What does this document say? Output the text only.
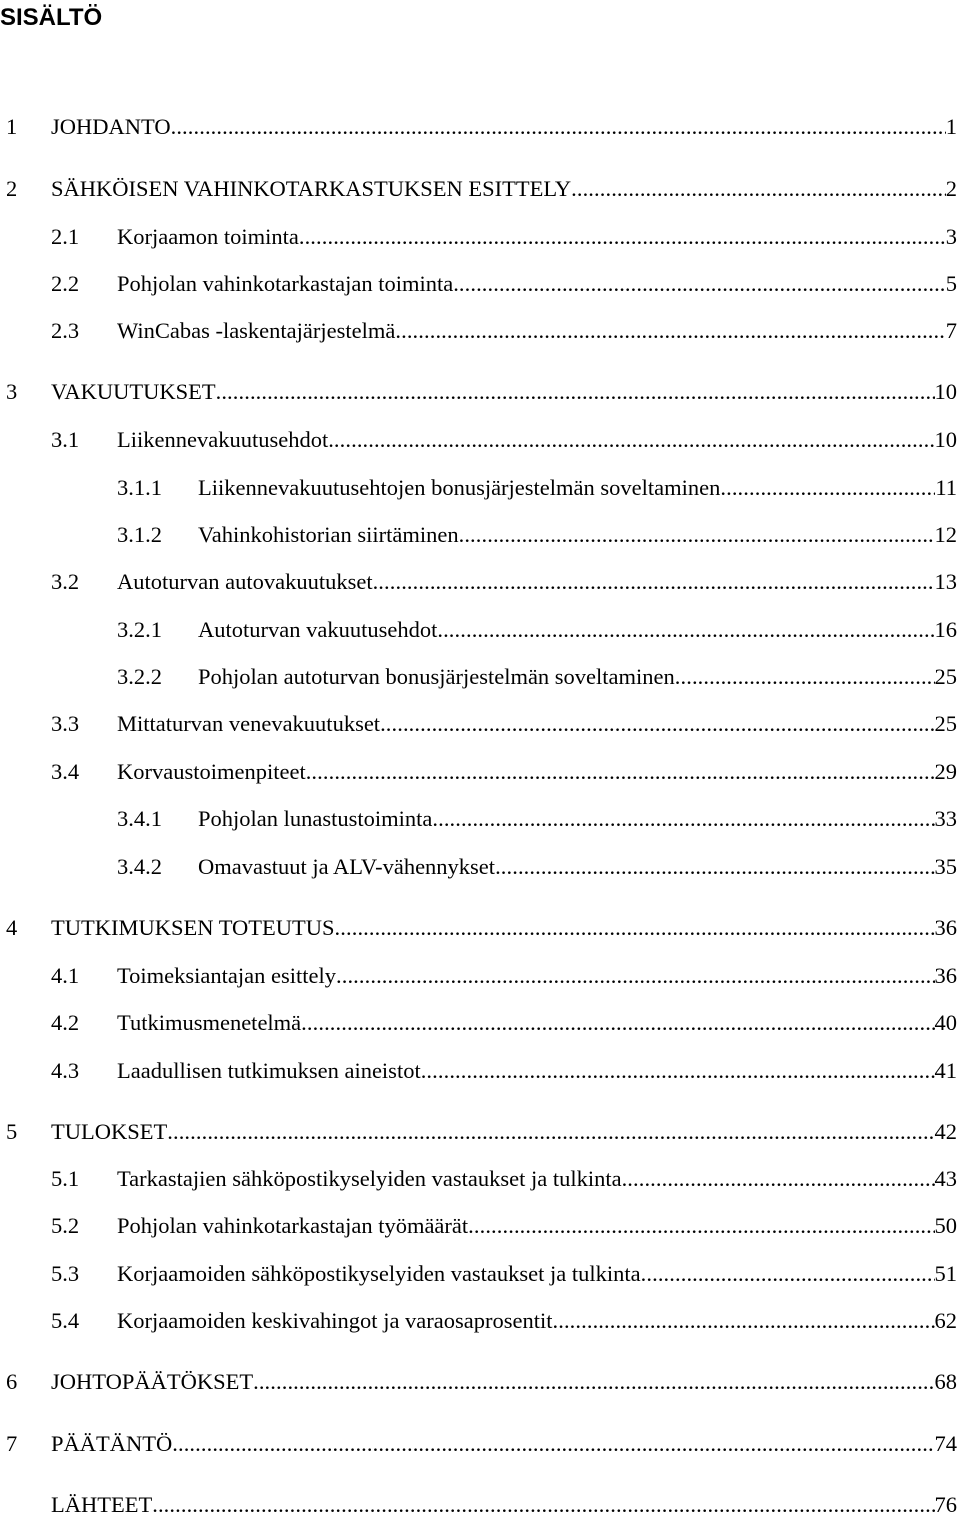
SISÄLTÖ
1	JOHDANTO .....	1
2	SÄHKÖISEN VAHINKOTARKASTUKSEN ESITTELY .....	2
2.1	Korjaamon toiminta .....	3
2.2	Pohjolan vahinkotarkastajan toiminta .....	5
2.3	WinCabas -laskentajärjestelmä .....	7
3	VAKUUTUKSET .....	10
3.1	Liikennevakuutusehdot .....	10
3.1.1	Liikennevakuutusehtojen bonusjärjestelmän soveltaminen .....	11
3.1.2	Vahinkohistorian siirtäminen .....	12
3.2	Autoturvan autovakuutukset .....	13
3.2.1	Autoturvan vakuutusehdot .....	16
3.2.2	Pohjolan autoturvan bonusjärjestelmän soveltaminen .....	25
3.3	Mittaturvan venevakuutukset .....	25
3.4	Korvaustoimenpiteet .....	29
3.4.1	Pohjolan lunastustoiminta .....	33
3.4.2	Omavastuut ja ALV-vähennykset .....	35
4	TUTKIMUKSEN TOTEUTUS .....	36
4.1	Toimeksiantajan esittely .....	36
4.2	Tutkimusmenetelmä .....	40
4.3	Laadullisen tutkimuksen aineistot .....	41
5	TULOKSET .....	42
5.1	Tarkastajien sähköpostikyselyiden vastaukset ja tulkinta .....	43
5.2	Pohjolan vahinkotarkastajan työmäärät .....	50
5.3	Korjaamoiden sähköpostikyselyiden vastaukset ja tulkinta .....	51
5.4	Korjaamoiden keskivahingot ja varaosaprosentit .....	62
6	JOHTOPÄÄTÖKSET .....	68
7	PÄÄTÄNTÖ .....	74
LÄHTEET .....	76
